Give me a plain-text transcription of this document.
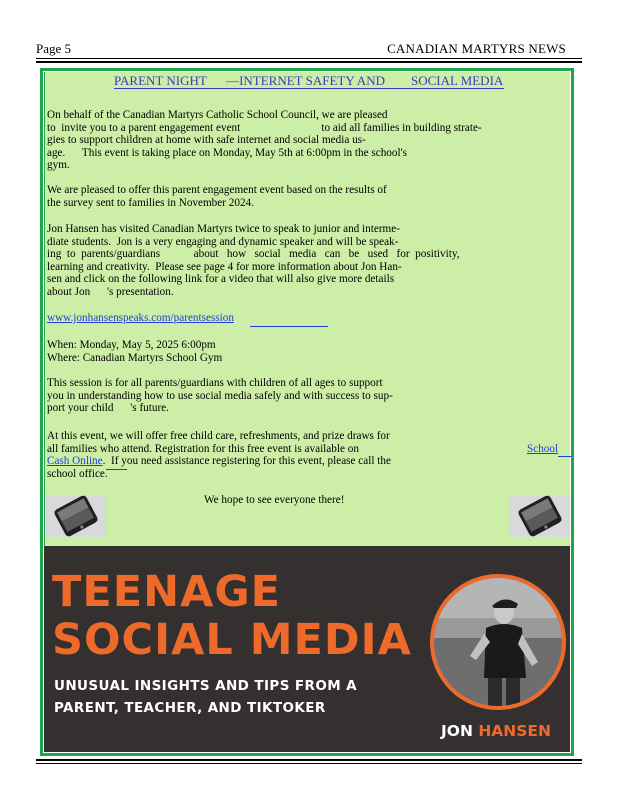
Page 5	CANADIAN MARTYRS NEWS
PARENT NIGHT      —INTERNET SAFETY AND        SOCIAL MEDIA
On behalf of the Canadian Martyrs Catholic School Council, we are pleased
to  invite you to a parent engagement event                             to aid all families in building strate-
gies to support children at home with safe internet and social media us-
age.      This event is taking place on Monday, May 5th at 6:00pm in the school's
gym.
We are pleased to offer this parent engagement event based on the results of
the survey sent to families in November 2024.
Jon Hansen has visited Canadian Martyrs twice to speak to junior and interme-
diate students.  Jon is a very engaging and dynamic speaker and will be speak-
ing  to  parents/guardians            about   how   social   media   can   be   used   for  positivity,
learning and creativity.  Please see page 4 for more information about Jon Han-
sen and click on the following link for a video that will also give more details
about Jon      's presentation.
www.jonhansenspeaks.com/parentsession
When: Monday, May 5, 2025 6:00pm
Where: Canadian Martyrs School Gym
This session is for all parents/guardians with children of all ages to support
you in understanding how to use social media safely and with success to sup-
port your child      's future.
At this event, we will offer free child care, refreshments, and prize draws for
all families who attend. Registration for this free event is available on	School
Cash Online.  If you need assistance registering for this event, please call the
school office.
We hope to see everyone there!
TEENAGE
SOCIAL MEDIA
UNUSUAL INSIGHTS AND TIPS FROM A
PARENT, TEACHER, AND TIKTOKER
JON HANSEN
